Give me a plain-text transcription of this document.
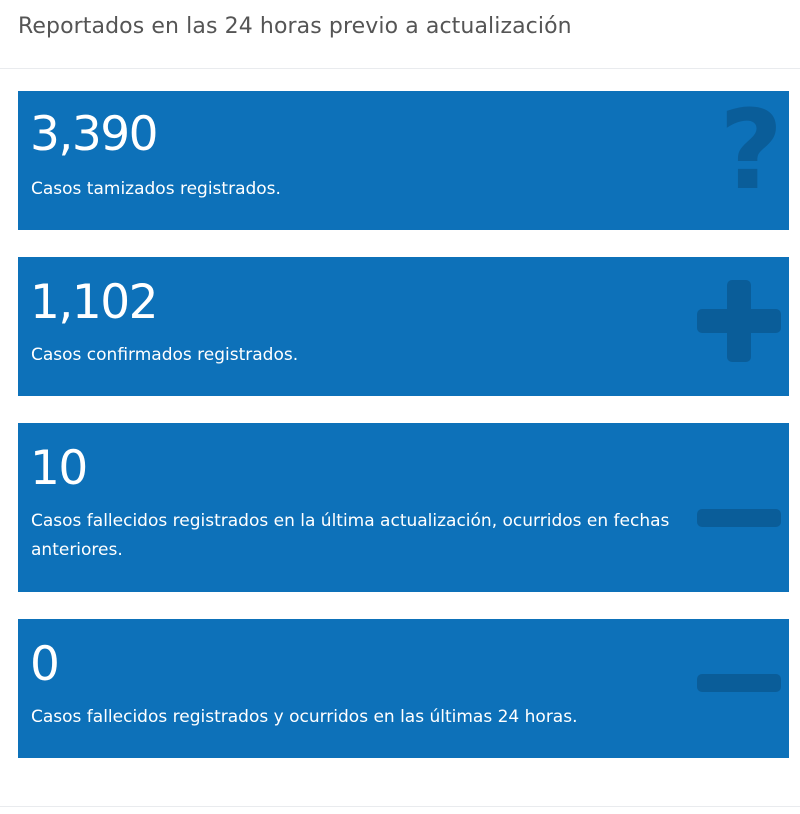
Reportados en las 24 horas previo a actualización
?
3,390
Casos tamizados registrados.
1,102
Casos confirmados registrados.
10
Casos fallecidos registrados en la última actualización, ocurridos en fechas anteriores.
0
Casos fallecidos registrados y ocurridos en las últimas 24 horas.
